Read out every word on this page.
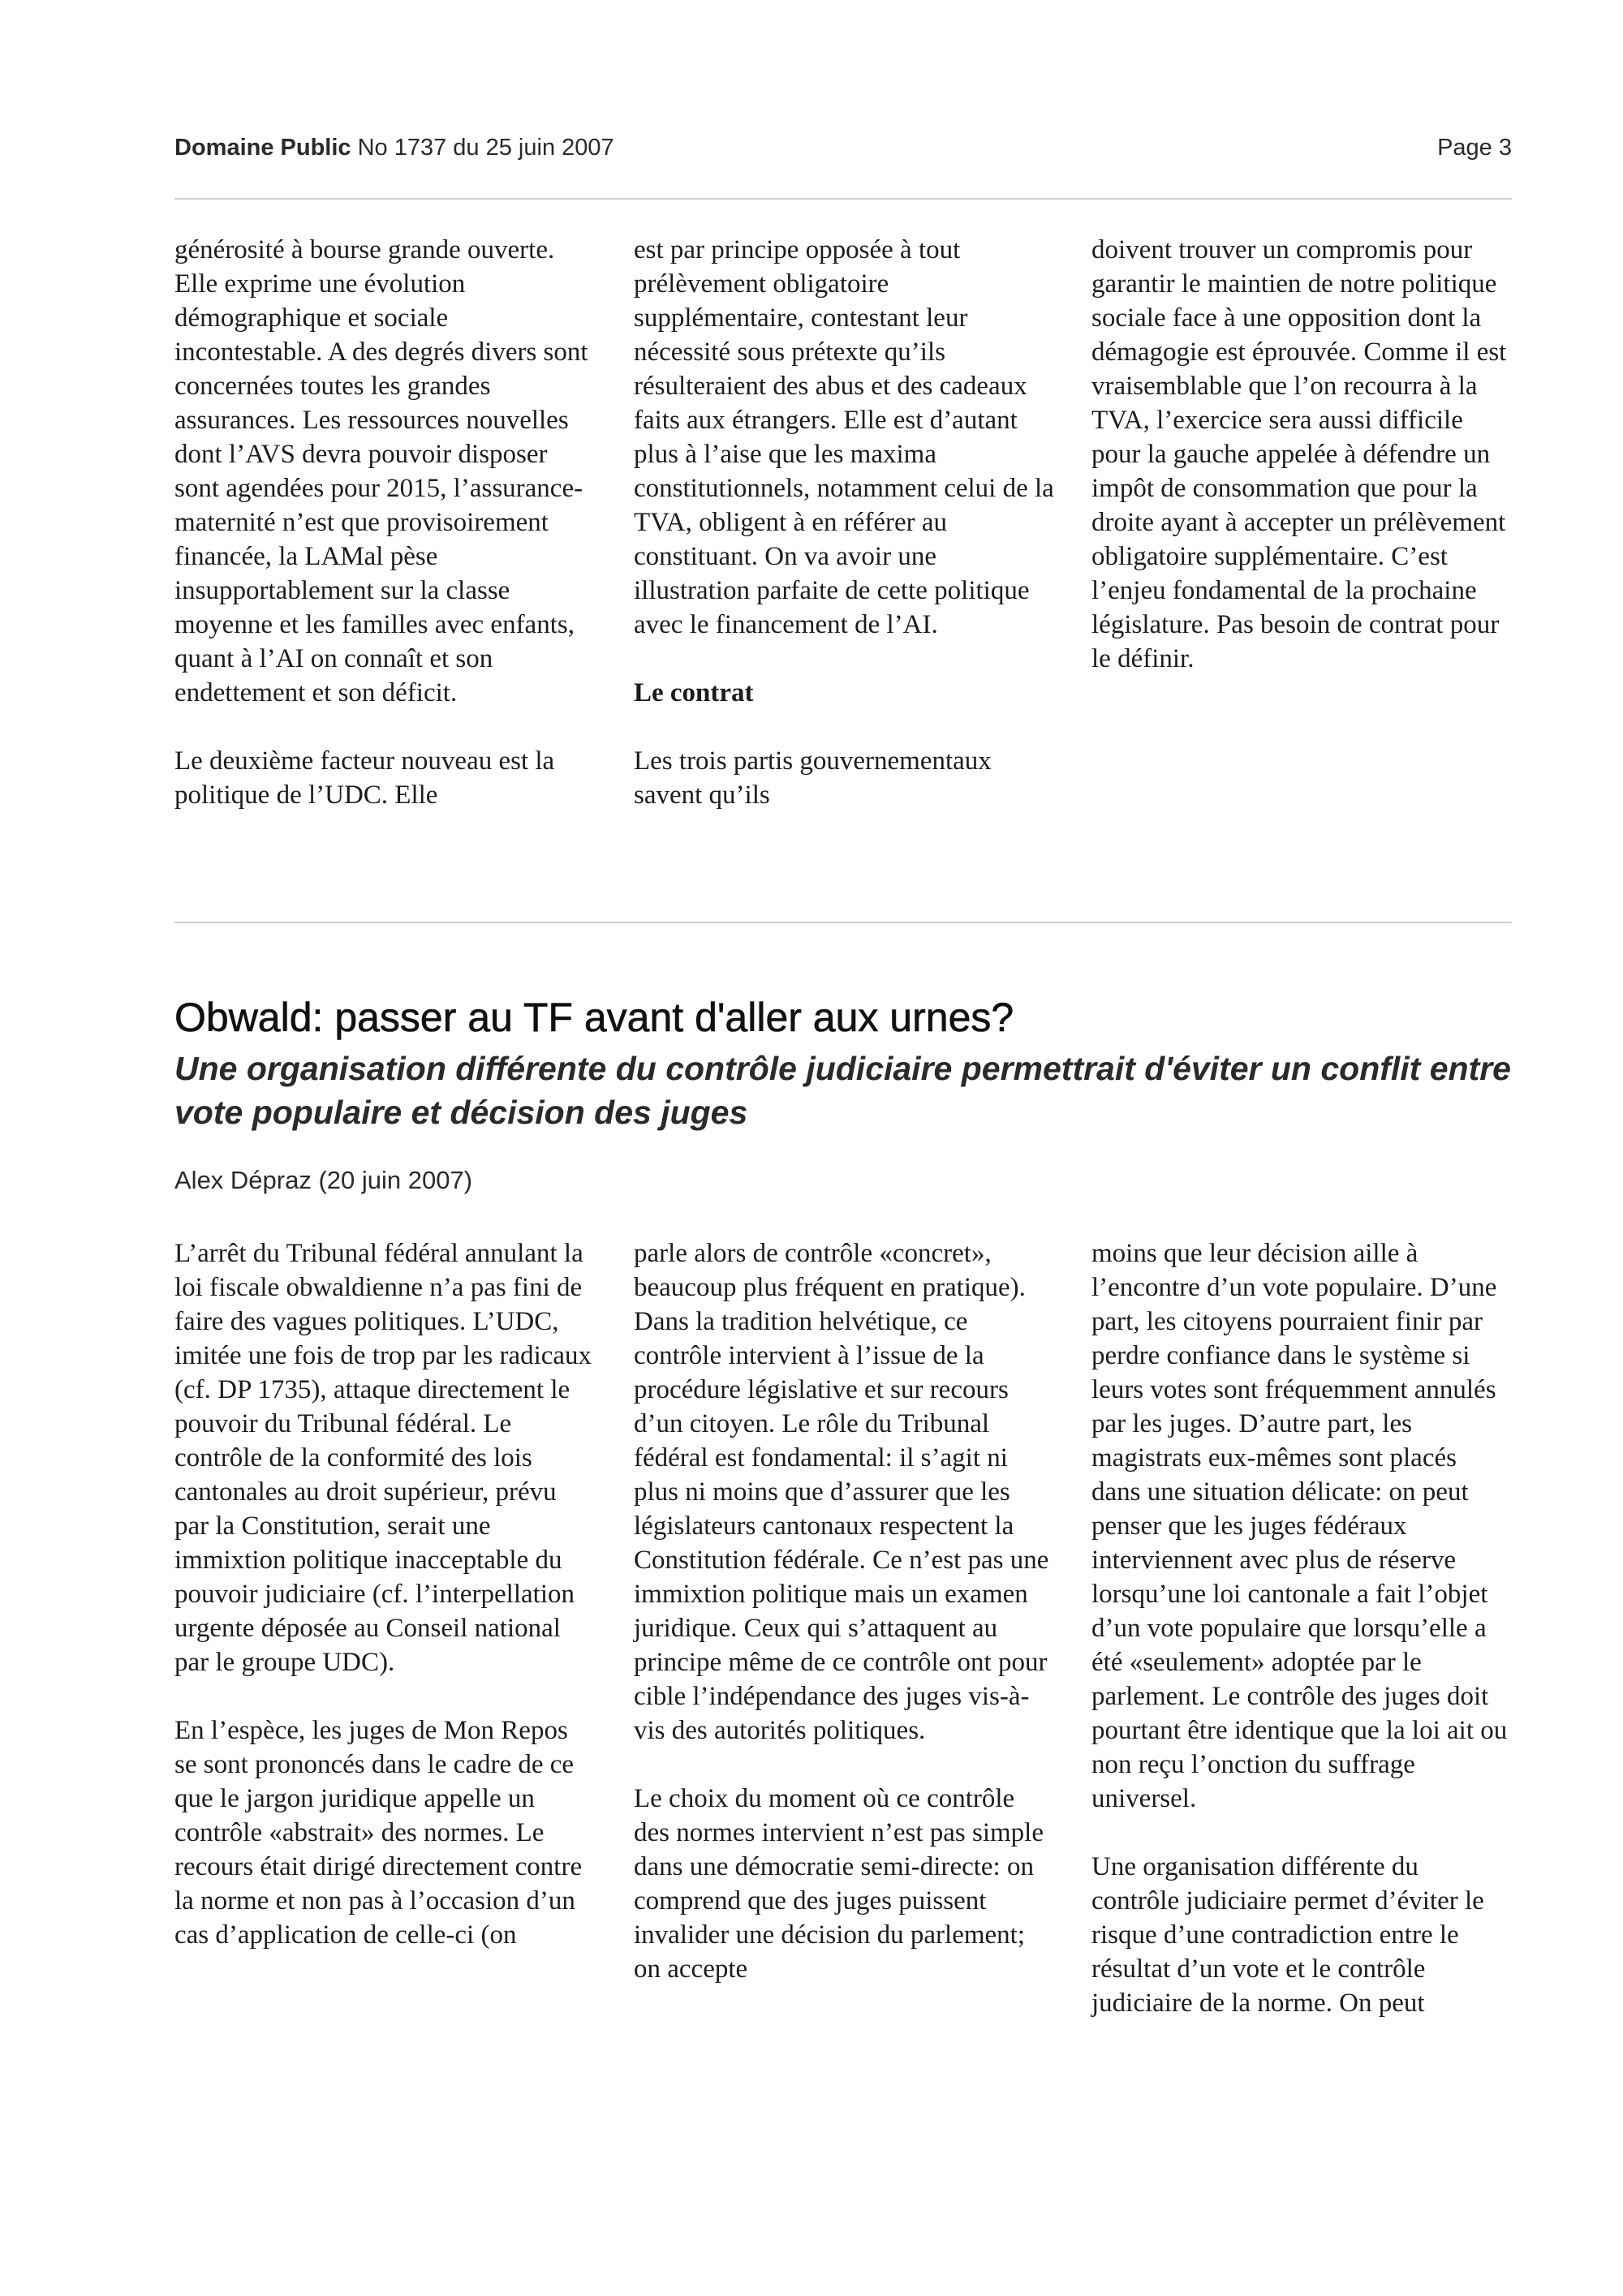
Domaine Public No 1737 du 25 juin 2007	Page 3

générosité à bourse grande ouverte. Elle exprime une évolution démographique et sociale incontestable. A des degrés divers sont concernées toutes les grandes assurances. Les ressources nouvelles dont l’AVS devra pouvoir disposer sont agendées pour 2015, l’assurance-maternité n’est que provisoirement financée, la LAMal pèse insupportablement sur la classe moyenne et les familles avec enfants, quant à l’AI on connaît et son endettement et son déficit.

Le deuxième facteur nouveau est la politique de l’UDC. Elle

est par principe opposée à tout prélèvement obligatoire supplémentaire, contestant leur nécessité sous prétexte qu’ils résulteraient des abus et des cadeaux faits aux étrangers. Elle est d’autant plus à l’aise que les maxima constitutionnels, notamment celui de la TVA, obligent à en référer au constituant. On va avoir une illustration parfaite de cette politique avec le financement de l’AI.

Le contrat

Les trois partis gouvernementaux savent qu’ils

doivent trouver un compromis pour garantir le maintien de notre politique sociale face à une opposition dont la démagogie est éprouvée. Comme il est vraisemblable que l’on recourra à la TVA, l’exercice sera aussi difficile pour la gauche appelée à défendre un impôt de consommation que pour la droite ayant à accepter un prélèvement obligatoire supplémentaire. C’est l’enjeu fondamental de la prochaine législature. Pas besoin de contrat pour le définir.

Obwald: passer au TF avant d'aller aux urnes?
Une organisation différente du contrôle judiciaire permettrait d'éviter un conflit entre vote populaire et décision des juges
Alex Dépraz (20 juin 2007)

L’arrêt du Tribunal fédéral annulant la loi fiscale obwaldienne n’a pas fini de faire des vagues politiques. L’UDC, imitée une fois de trop par les radicaux (cf. DP 1735), attaque directement le pouvoir du Tribunal fédéral. Le contrôle de la conformité des lois cantonales au droit supérieur, prévu par la Constitution, serait une immixtion politique inacceptable du pouvoir judiciaire (cf. l’interpellation urgente déposée au Conseil national par le groupe UDC).

En l’espèce, les juges de Mon Repos se sont prononcés dans le cadre de ce que le jargon juridique appelle un contrôle «abstrait» des normes. Le recours était dirigé directement contre la norme et non pas à l’occasion d’un cas d’application de celle-ci (on

parle alors de contrôle «concret», beaucoup plus fréquent en pratique). Dans la tradition helvétique, ce contrôle intervient à l’issue de la procédure législative et sur recours d’un citoyen. Le rôle du Tribunal fédéral est fondamental: il s’agit ni plus ni moins que d’assurer que les législateurs cantonaux respectent la Constitution fédérale. Ce n’est pas une immixtion politique mais un examen juridique. Ceux qui s’attaquent au principe même de ce contrôle ont pour cible l’indépendance des juges vis-à-vis des autorités politiques.

Le choix du moment où ce contrôle des normes intervient n’est pas simple dans une démocratie semi-directe: on comprend que des juges puissent invalider une décision du parlement; on accepte

moins que leur décision aille à l’encontre d’un vote populaire. D’une part, les citoyens pourraient finir par perdre confiance dans le système si leurs votes sont fréquemment annulés par les juges. D’autre part, les magistrats eux-mêmes sont placés dans une situation délicate: on peut penser que les juges fédéraux interviennent avec plus de réserve lorsqu’une loi cantonale a fait l’objet d’un vote populaire que lorsqu’elle a été «seulement» adoptée par le parlement. Le contrôle des juges doit pourtant être identique que la loi ait ou non reçu l’onction du suffrage universel.

Une organisation différente du contrôle judiciaire permet d’éviter le risque d’une contradiction entre le résultat d’un vote et le contrôle judiciaire de la norme. On peut
